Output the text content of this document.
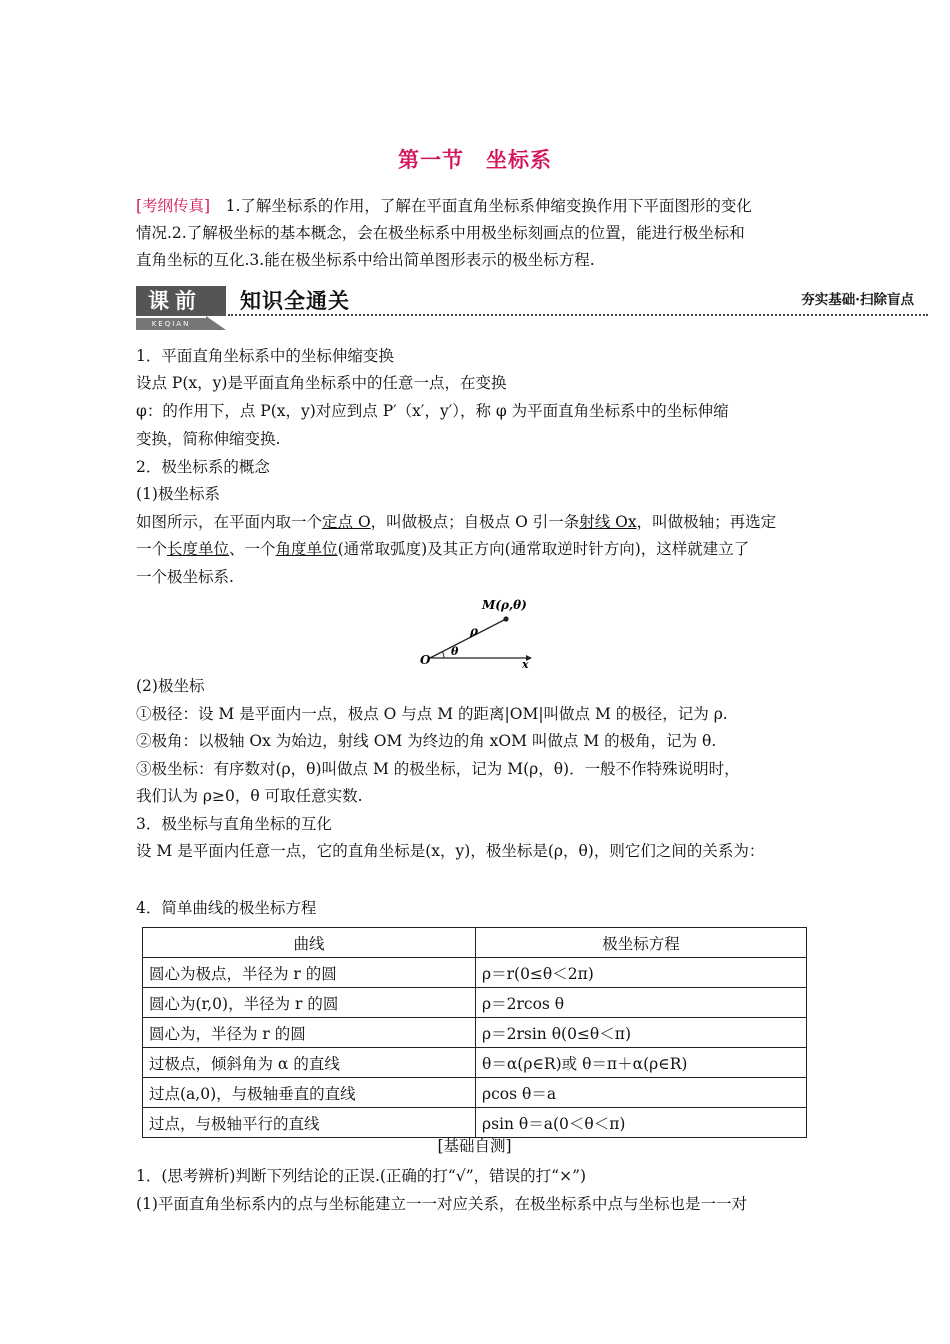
第一节　坐标系
[考纲传真]　1.了解坐标系的作用，了解在平面直角坐标系伸缩变换作用下平面图形的变化
情况.2.了解极坐标的基本概念，会在极坐标系中用极坐标刻画点的位置，能进行极坐标和
直角坐标的互化.3.能在极坐标系中给出简单图形表示的极坐标方程.
课前
KEQIAN
知识全通关	夯实基础·扫除盲点
1．平面直角坐标系中的坐标伸缩变换
设点 P(x，y)是平面直角坐标系中的任意一点，在变换
φ：的作用下，点 P(x，y)对应到点 P′（x′，y′），称 φ 为平面直角坐标系中的坐标伸缩
变换，简称伸缩变换.
2．极坐标系的概念
(1)极坐标系
如图所示，在平面内取一个定点 O，叫做极点；自极点 O 引一条射线 Ox，叫做极轴；再选定
一个长度单位、一个角度单位(通常取弧度)及其正方向(通常取逆时针方向)，这样就建立了
一个极坐标系.
M(ρ,θ)
ρ
θ
O	x
(2)极坐标
①极径：设 M 是平面内一点，极点 O 与点 M 的距离|OM|叫做点 M 的极径，记为 ρ.
②极角：以极轴 Ox 为始边，射线 OM 为终边的角 xOM 叫做点 M 的极角，记为 θ.
③极坐标：有序数对(ρ，θ)叫做点 M 的极坐标，记为 M(ρ，θ)．一般不作特殊说明时，
我们认为 ρ≥0，θ 可取任意实数.
3．极坐标与直角坐标的互化
设 M 是平面内任意一点，它的直角坐标是(x，y)，极坐标是(ρ，θ)，则它们之间的关系为：
4．简单曲线的极坐标方程
曲线	极坐标方程
圆心为极点，半径为 r 的圆	ρ＝r(0≤θ＜2π)
圆心为(r,0)，半径为 r 的圆	ρ＝2rcos θ
圆心为，半径为 r 的圆	ρ＝2rsin θ(0≤θ＜π)
过极点，倾斜角为 α 的直线	θ＝α(ρ∈R)或 θ＝π＋α(ρ∈R)
过点(a,0)，与极轴垂直的直线	ρcos θ＝a
过点，与极轴平行的直线	ρsin θ＝a(0＜θ＜π)
[基础自测]
1．(思考辨析)判断下列结论的正误.(正确的打“√”，错误的打“×”)
(1)平面直角坐标系内的点与坐标能建立一一对应关系，在极坐标系中点与坐标也是一一对
